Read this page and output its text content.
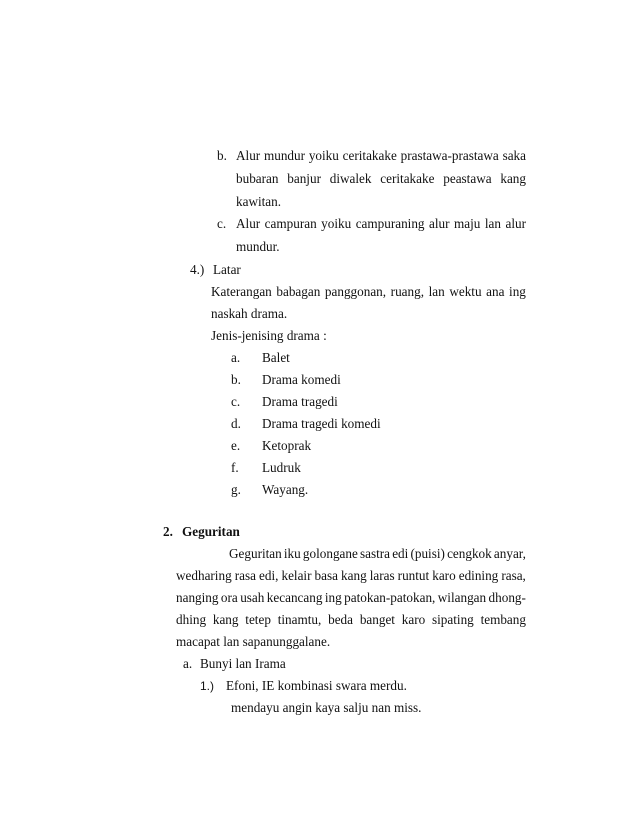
b. Alur mundur yoiku ceritakake prastawa-prastawa saka
bubaran banjur diwalek ceritakake peastawa kang
kawitan.
c. Alur campuran yoiku campuraning alur maju lan alur
mundur.
4.) Latar
Katerangan babagan panggonan, ruang, lan wektu ana ing
naskah drama.
Jenis-jenising drama :
a. Balet
b. Drama komedi
c. Drama tragedi
d. Drama tragedi komedi
e. Ketoprak
f. Ludruk
g. Wayang.
2. Geguritan
Geguritan iku golongane sastra edi (puisi) cengkok anyar,
wedharing rasa edi, kelair basa kang laras runtut karo edining rasa,
nanging ora usah kecancang ing patokan-patokan, wilangan dhong-
dhing kang tetep tinamtu, beda banget karo sipating tembang
macapat lan sapanunggalane.
a. Bunyi lan Irama
1.) Efoni, IE kombinasi swara merdu.
mendayu angin kaya salju nan miss.
